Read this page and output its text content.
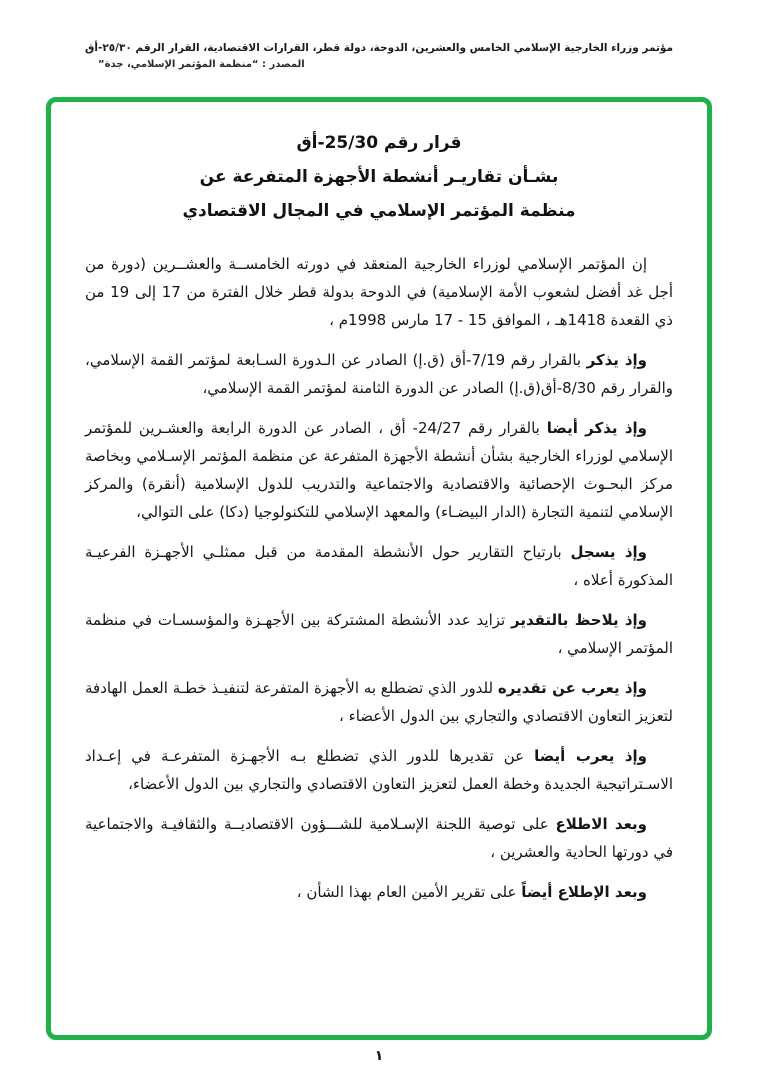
مؤتمر وزراء الخارجية الإسلامي الخامس والعشرين، الدوحة، دولة قطر، القرارات الاقتصادية، القرار الرقم ٢٥/٣٠-أق
المصدر : “منظمة المؤتمر الإسلامي، جدة”
قرار رقم 25/30-أق
بشـأن تقاريـر أنشطة الأجهزة المتفرعة عن
منظمة المؤتمر الإسلامي في المجال الاقتصادي

إن المؤتمر الإسلامي لوزراء الخارجية المنعقد في دورته الخامســة والعشــرين (دورة من أجل غد أفضل لشعوب الأمة الإسلامية) في الدوحة بدولة قطر خلال الفترة من 17 إلى 19 من ذي القعدة 1418هـ ، الموافق 15 - 17 مارس 1998م ،

وإذ يذكر بالقرار رقم 7/19-أق (ق.إ) الصادر عن الـدورة السـابعة لمؤتمر القمة الإسلامي، والقرار رقم 8/30-أق(ق.إ) الصادر عن الدورة الثامنة لمؤتمر القمة الإسلامي،

وإذ يذكر أيضا بالقرار رقم 24/27- أق ، الصادر عن الدورة الرابعة والعشـرين للمؤتمر الإسلامي لوزراء الخارجية بشأن أنشطة الأجهزة المتفرعة عن منظمة المؤتمر الإسـلامي وبخاصة مركز البحـوث الإحصائية والاقتصادية والاجتماعية والتدريب للدول الإسلامية (أنقرة) والمركز الإسلامي لتنمية التجارة (الدار البيضـاء) والمعهد الإسلامي للتكنولوجيا (دكا) على التوالي،

وإذ يسجل بارتياح التقارير حول الأنشطة المقدمة من قبل ممثلـي الأجهـزة الفرعيـة المذكورة أعلاه ،

وإذ يلاحظ بالتقدير تزايد عدد الأنشطة المشتركة بين الأجهـزة والمؤسسـات في منظمة المؤتمر الإسلامي ،

وإذ يعرب عن تقديره للدور الذي تضطلع به الأجهزة المتفرعة لتنفيـذ خطـة العمل الهادفة لتعزيز التعاون الاقتصادي والتجاري بين الدول الأعضاء ،

وإذ يعرب أيضا عن تقديرها للدور الذي تضطلع بـه الأجهـزة المتفرعـة في إعـداد الاسـتراتيجية الجديدة وخطة العمل لتعزيز التعاون الاقتصادي والتجاري بين الدول الأعضاء،

وبعد الاطلاع على توصية اللجنة الإسـلامية للشـــؤون الاقتصاديــة والثقافيـة والاجتماعية في دورتها الحادية والعشرين ،

وبعد الإطلاع أيضاً على تقرير الأمين العام بهذا الشأن ،

١
